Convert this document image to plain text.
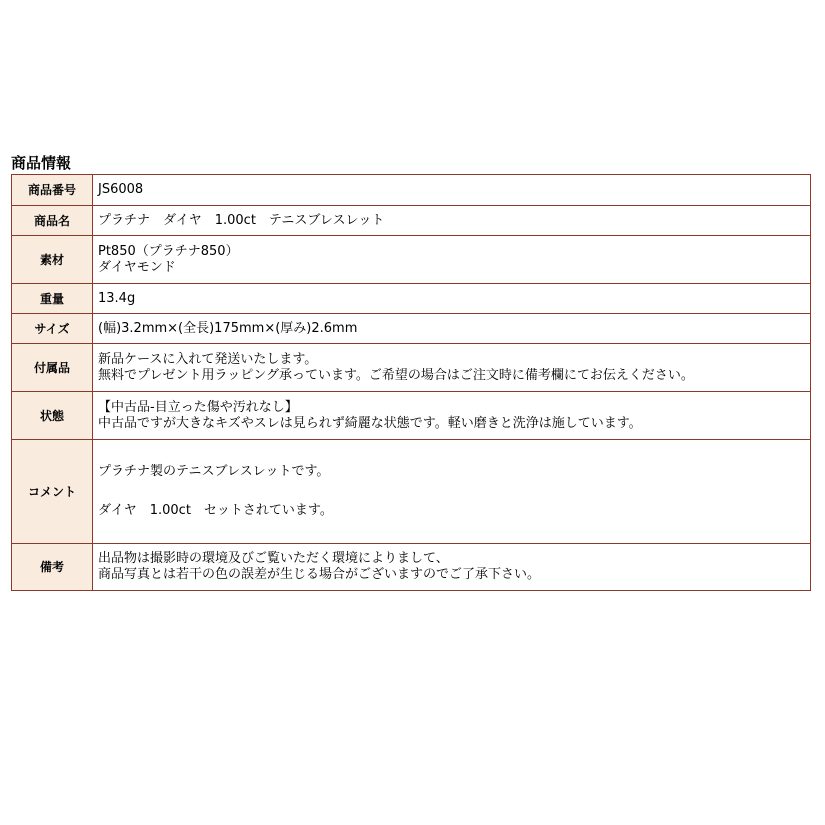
商品情報
商品番号	JS6008

商品名	プラチナ　ダイヤ　1.00ct　テニスブレスレット

素材	Pt850（プラチナ850）
ダイヤモンド

重量	13.4g

サイズ	(幅)3.2mm×(全長)175mm×(厚み)2.6mm

付属品	新品ケースに入れて発送いたします。
無料でプレゼント用ラッピング承っています。ご希望の場合はご注文時に備考欄にてお伝えください。

状態	【中古品-目立った傷や汚れなし】
中古品ですが大きなキズやスレは見られず綺麗な状態です。軽い磨きと洗浄は施しています。

コメント	プラチナ製のテニスブレスレットです。
ダイヤ　1.00ct　セットされています。

備考	出品物は撮影時の環境及びご覧いただく環境によりまして、
商品写真とは若干の色の誤差が生じる場合がございますのでご了承下さい。
